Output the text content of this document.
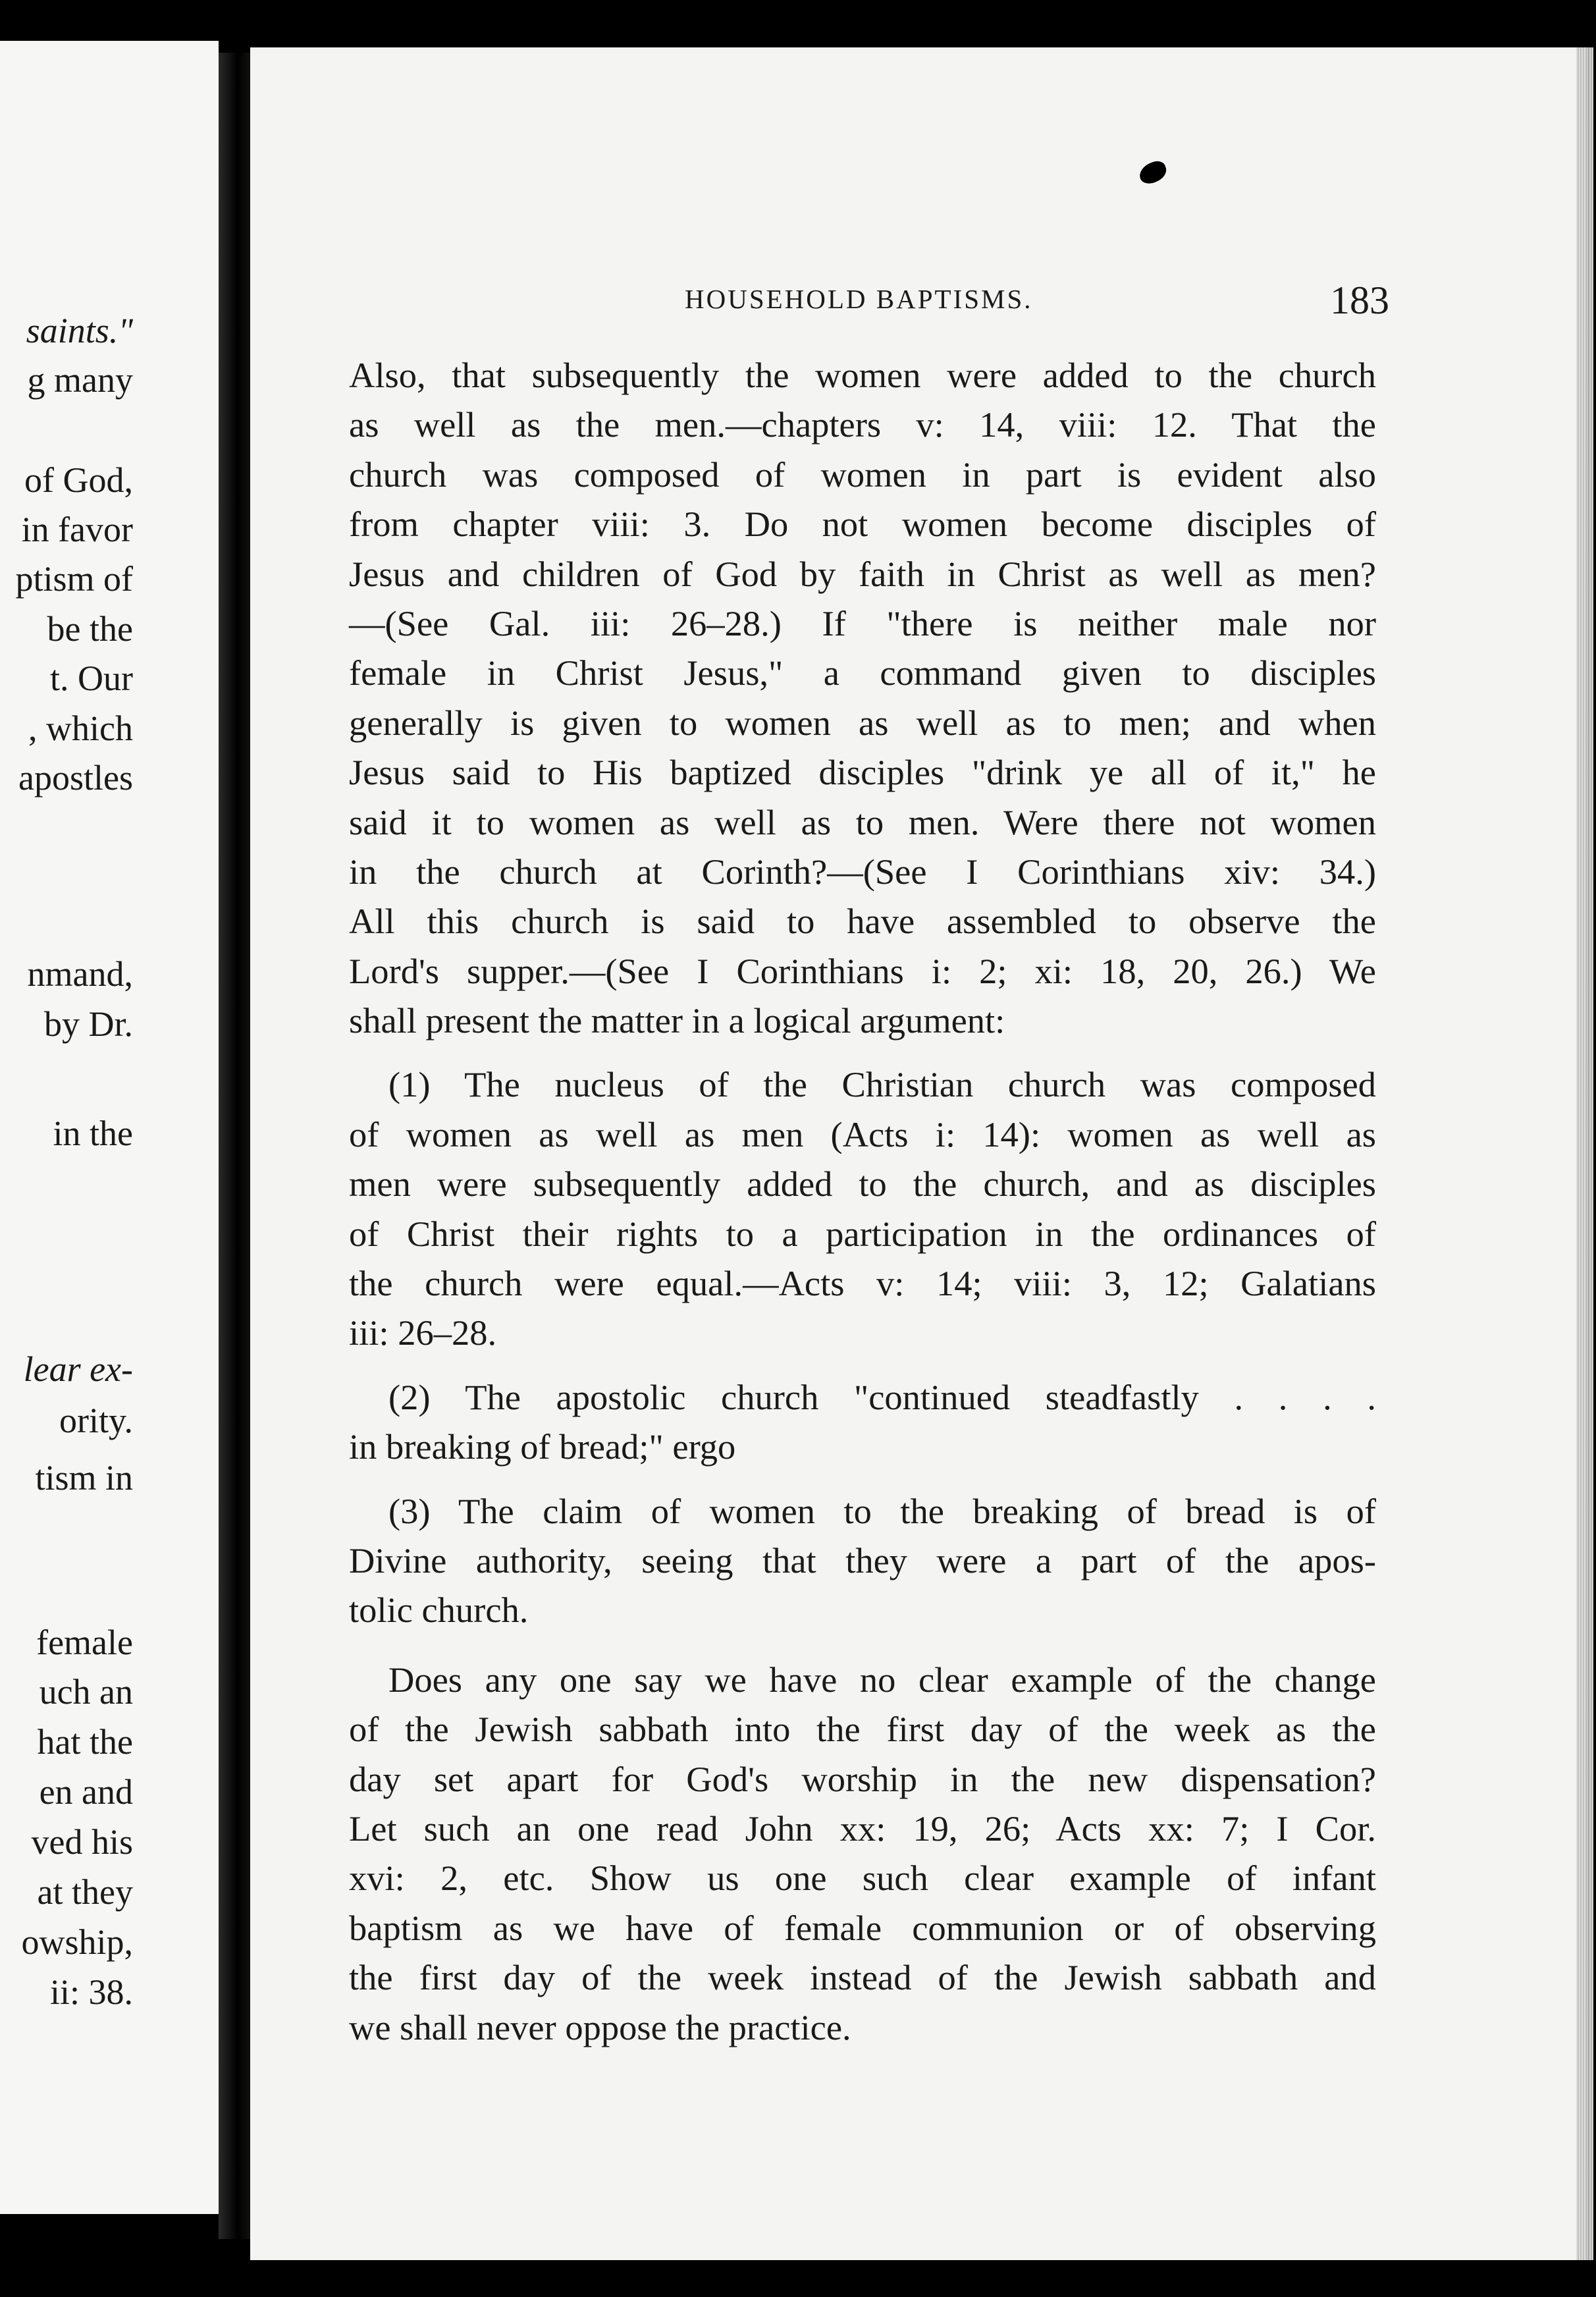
saints."
g many
of God,
in favor
ptism of
be the
t. Our
, which
apostles
nmand,
by Dr.
in the
lear ex-
ority.
tism in
female
uch an
hat the
en and
ved his
at they
owship,
ii: 38.
HOUSEHOLD BAPTISMS.	183
Also, that subsequently the women were added to the church
as well as the men.—chapters v: 14, viii: 12. That the
church was composed of women in part is evident also
from chapter viii: 3. Do not women become disciples of
Jesus and children of God by faith in Christ as well as men?
—(See Gal. iii: 26–28.) If "there is neither male nor
female in Christ Jesus," a command given to disciples
generally is given to women as well as to men; and when
Jesus said to His baptized disciples "drink ye all of it," he
said it to women as well as to men. Were there not women
in the church at Corinth?—(See I Corinthians xiv: 34.)
All this church is said to have assembled to observe the
Lord's supper.—(See I Corinthians i: 2; xi: 18, 20, 26.) We
shall present the matter in a logical argument:
(1) The nucleus of the Christian church was composed
of women as well as men (Acts i: 14): women as well as
men were subsequently added to the church, and as disciples
of Christ their rights to a participation in the ordinances of
the church were equal.—Acts v: 14; viii: 3, 12; Galatians
iii: 26–28.
(2) The apostolic church "continued steadfastly . . . .
in breaking of bread;" ergo
(3) The claim of women to the breaking of bread is of
Divine authority, seeing that they were a part of the apos-
tolic church.
Does any one say we have no clear example of the change
of the Jewish sabbath into the first day of the week as the
day set apart for God's worship in the new dispensation?
Let such an one read John xx: 19, 26; Acts xx: 7; I Cor.
xvi: 2, etc. Show us one such clear example of infant
baptism as we have of female communion or of observing
the first day of the week instead of the Jewish sabbath and
we shall never oppose the practice.
